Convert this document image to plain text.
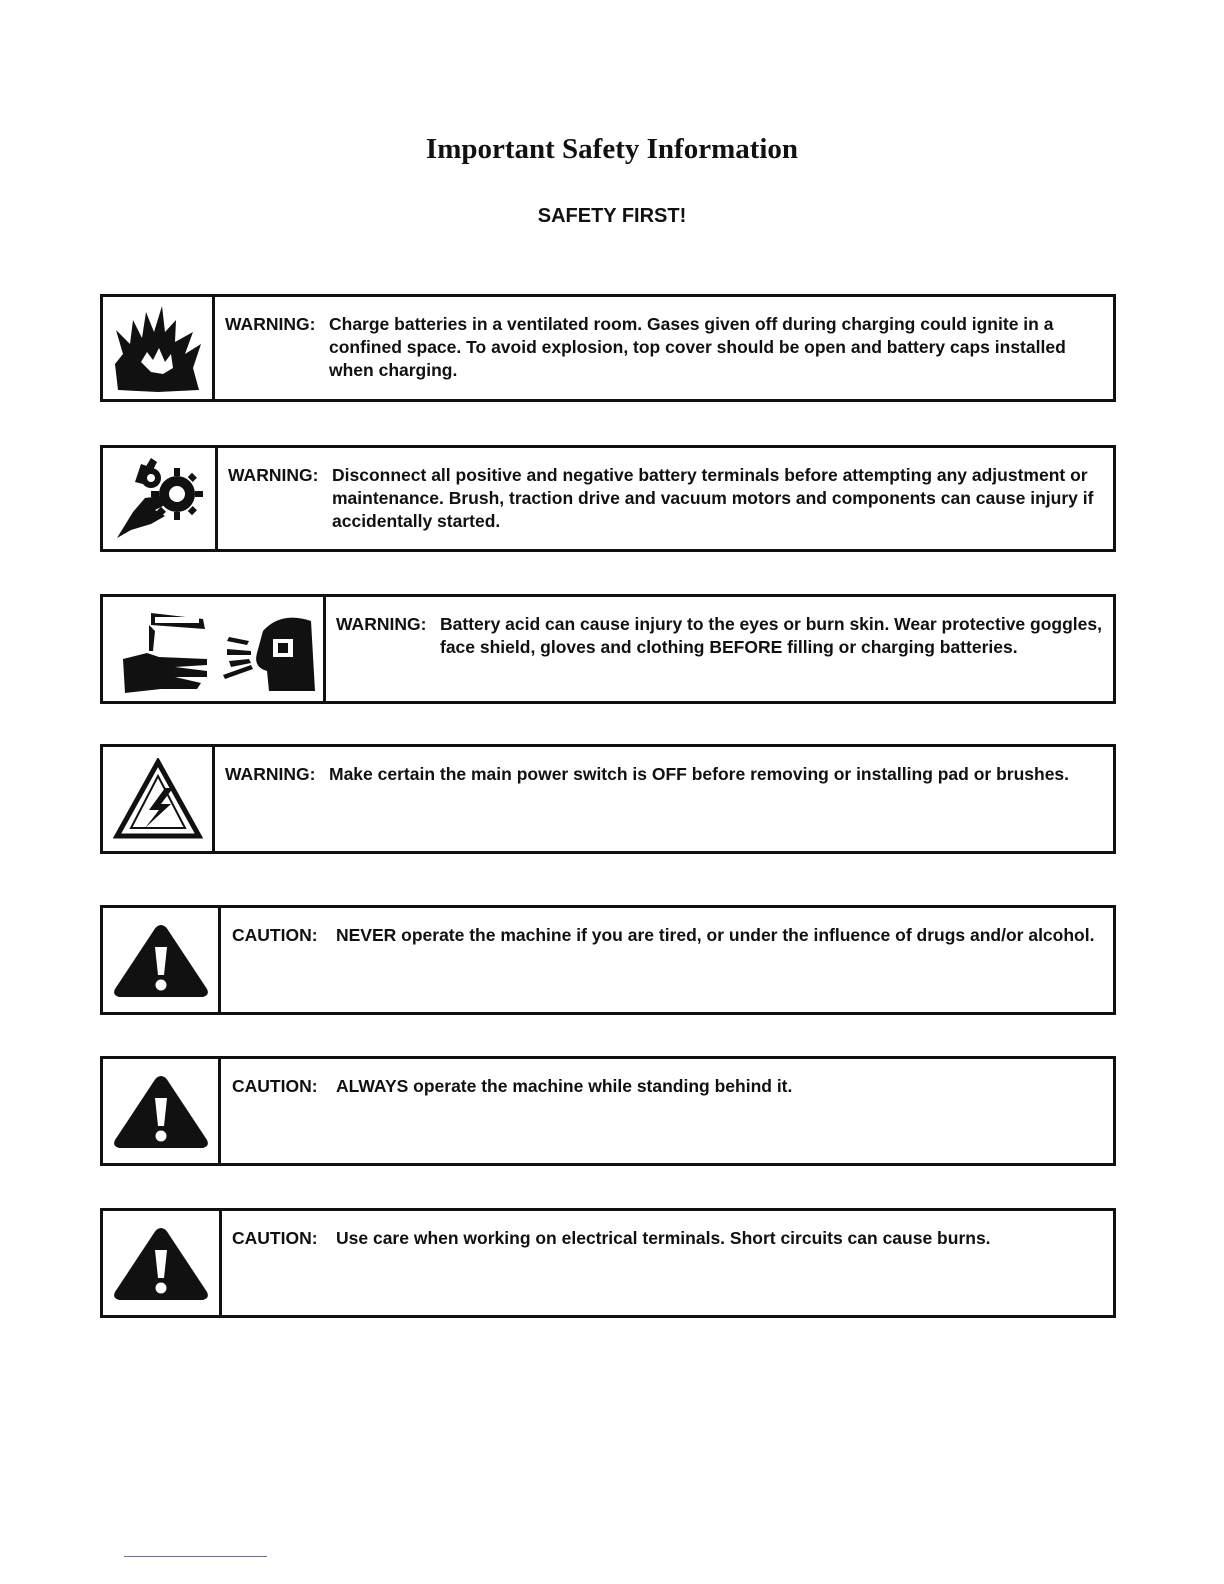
Important Safety Information
SAFETY FIRST!
WARNING: Charge batteries in a ventilated room. Gases given off during charging could ignite in a confined space. To avoid explosion, top cover should be open and battery caps installed when charging.
WARNING: Disconnect all positive and negative battery terminals before attempting any adjustment or maintenance. Brush, traction drive and vacuum motors and components can cause injury if accidentally started.
WARNING: Battery acid can cause injury to the eyes or burn skin. Wear protective goggles, face shield, gloves and clothing BEFORE filling or charging batteries.
WARNING: Make certain the main power switch is OFF before removing or installing pad or brushes.
CAUTION:	NEVER operate the machine if you are tired, or under the influence of drugs and/or alcohol.
CAUTION:	ALWAYS operate the machine while standing behind it.
CAUTION:	Use care when working on electrical terminals. Short circuits can cause burns.
